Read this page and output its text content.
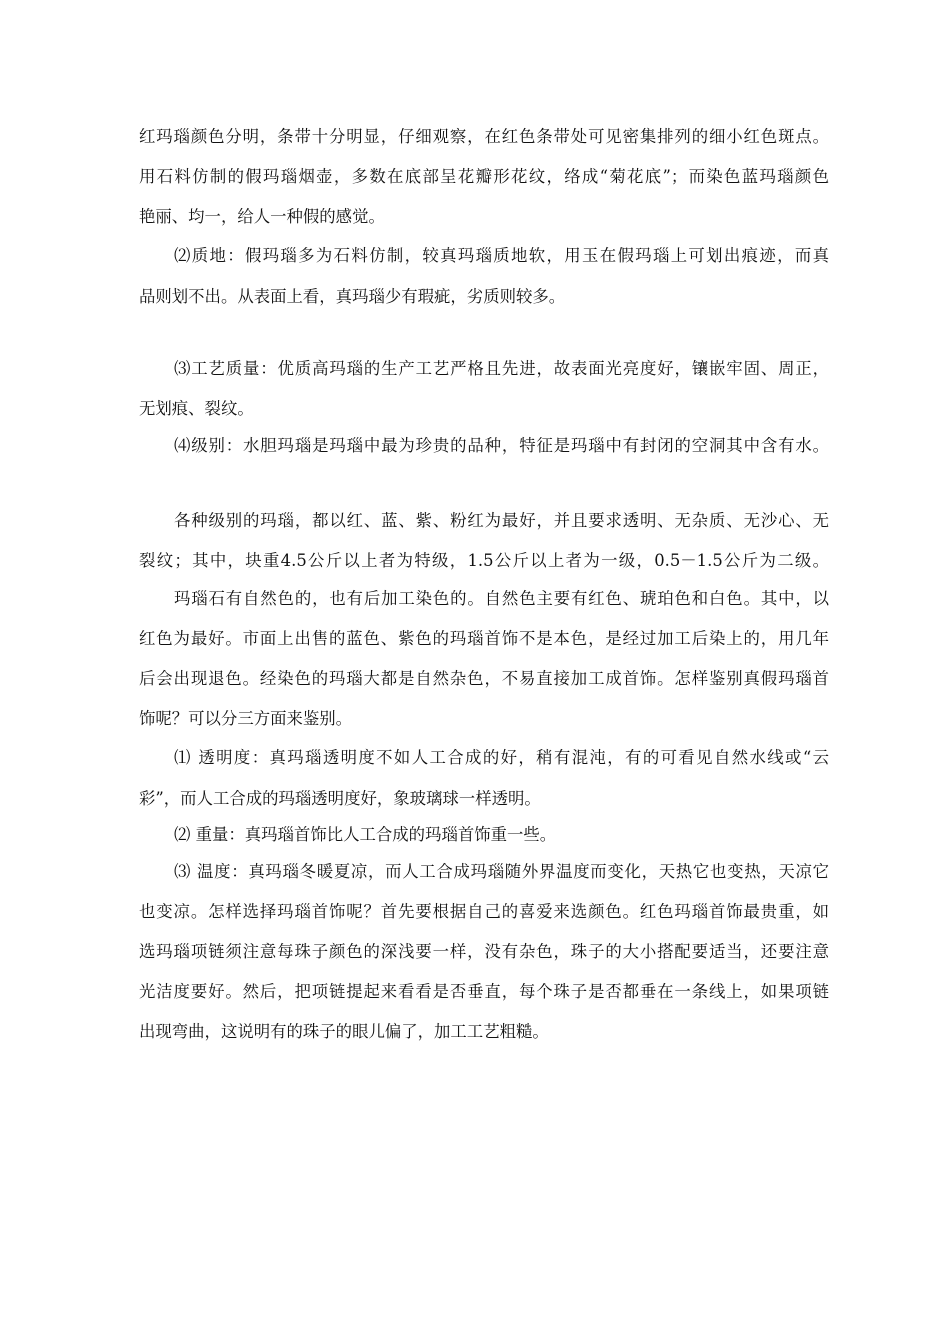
红玛瑙颜色分明，条带十分明显，仔细观察，在红色条带处可见密集排列的细小红色斑点。
用石料仿制的假玛瑙烟壶，多数在底部呈花瓣形花纹，络成“菊花底”；而染色蓝玛瑙颜色
艳丽、均一，给人一种假的感觉。
⑵质地：假玛瑙多为石料仿制，较真玛瑙质地软，用玉在假玛瑙上可划出痕迹，而真
品则划不出。从表面上看，真玛瑙少有瑕疵，劣质则较多。
⑶工艺质量：优质高玛瑙的生产工艺严格且先进，故表面光亮度好，镶嵌牢固、周正，
无划痕、裂纹。
⑷级别：水胆玛瑙是玛瑙中最为珍贵的品种，特征是玛瑙中有封闭的空洞其中含有水。
各种级别的玛瑙，都以红、蓝、紫、粉红为最好，并且要求透明、无杂质、无沙心、无
裂纹；其中，块重4.5公斤以上者为特级，1.5公斤以上者为一级，0.5－1.5公斤为二级。
玛瑙石有自然色的，也有后加工染色的。自然色主要有红色、琥珀色和白色。其中，以
红色为最好。市面上出售的蓝色、紫色的玛瑙首饰不是本色，是经过加工后染上的，用几年
后会出现退色。经染色的玛瑙大都是自然杂色，不易直接加工成首饰。怎样鉴别真假玛瑙首
饰呢？可以分三方面来鉴别。
⑴ 透明度：真玛瑙透明度不如人工合成的好，稍有混沌，有的可看见自然水线或“云
彩”，而人工合成的玛瑙透明度好，象玻璃球一样透明。
⑵ 重量：真玛瑙首饰比人工合成的玛瑙首饰重一些。
⑶ 温度：真玛瑙冬暖夏凉，而人工合成玛瑙随外界温度而变化，天热它也变热，天凉它
也变凉。怎样选择玛瑙首饰呢？首先要根据自己的喜爱来选颜色。红色玛瑙首饰最贵重，如
选玛瑙项链须注意每珠子颜色的深浅要一样，没有杂色，珠子的大小搭配要适当，还要注意
光洁度要好。然后，把项链提起来看看是否垂直，每个珠子是否都垂在一条线上，如果项链
出现弯曲，这说明有的珠子的眼儿偏了，加工工艺粗糙。
